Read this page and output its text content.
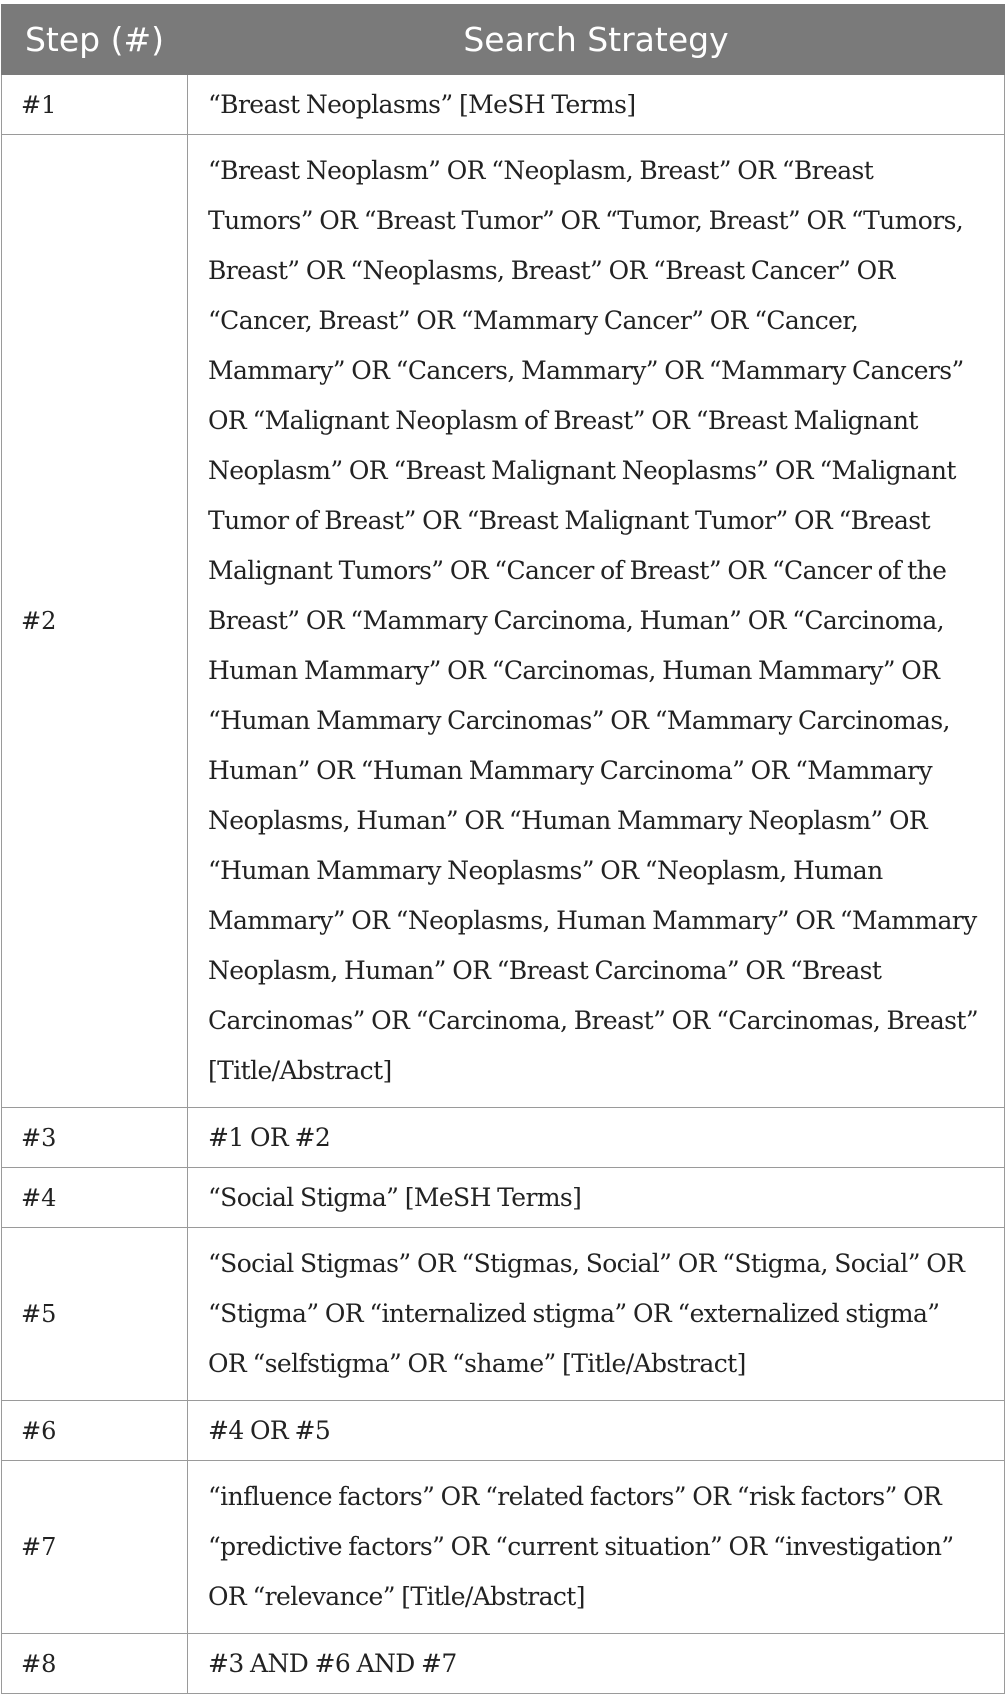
Step (#)	Search Strategy
#1	“Breast Neoplasms” [MeSH Terms]
#2	“Breast Neoplasm” OR “Neoplasm, Breast” OR “Breast Tumors” OR “Breast Tumor” OR “Tumor, Breast” OR “Tumors, Breast” OR “Neoplasms, Breast” OR “Breast Cancer” OR “Cancer, Breast” OR “Mammary Cancer” OR “Cancer, Mammary” OR “Cancers, Mammary” OR “Mammary Cancers” OR “Malignant Neoplasm of Breast” OR “Breast Malignant Neoplasm” OR “Breast Malignant Neoplasms” OR “Malignant Tumor of Breast” OR “Breast Malignant Tumor” OR “Breast Malignant Tumors” OR “Cancer of Breast” OR “Cancer of the Breast” OR “Mammary Carcinoma, Human” OR “Carcinoma, Human Mammary” OR “Carcinomas, Human Mammary” OR “Human Mammary Carcinomas” OR “Mammary Carcinomas, Human” OR “Human Mammary Carcinoma” OR “Mammary Neoplasms, Human” OR “Human Mammary Neoplasm” OR “Human Mammary Neoplasms” OR “Neoplasm, Human Mammary” OR “Neoplasms, Human Mammary” OR “Mammary Neoplasm, Human” OR “Breast Carcinoma” OR “Breast Carcinomas” OR “Carcinoma, Breast” OR “Carcinomas, Breast” [Title/Abstract]
#3	#1 OR #2
#4	“Social Stigma” [MeSH Terms]
#5	“Social Stigmas” OR “Stigmas, Social” OR “Stigma, Social” OR “Stigma” OR “internalized stigma” OR “externalized stigma” OR “selfstigma” OR “shame” [Title/Abstract]
#6	#4 OR #5
#7	“influence factors” OR “related factors” OR “risk factors” OR “predictive factors” OR “current situation” OR “investigation” OR “relevance” [Title/Abstract]
#8	#3 AND #6 AND #7
